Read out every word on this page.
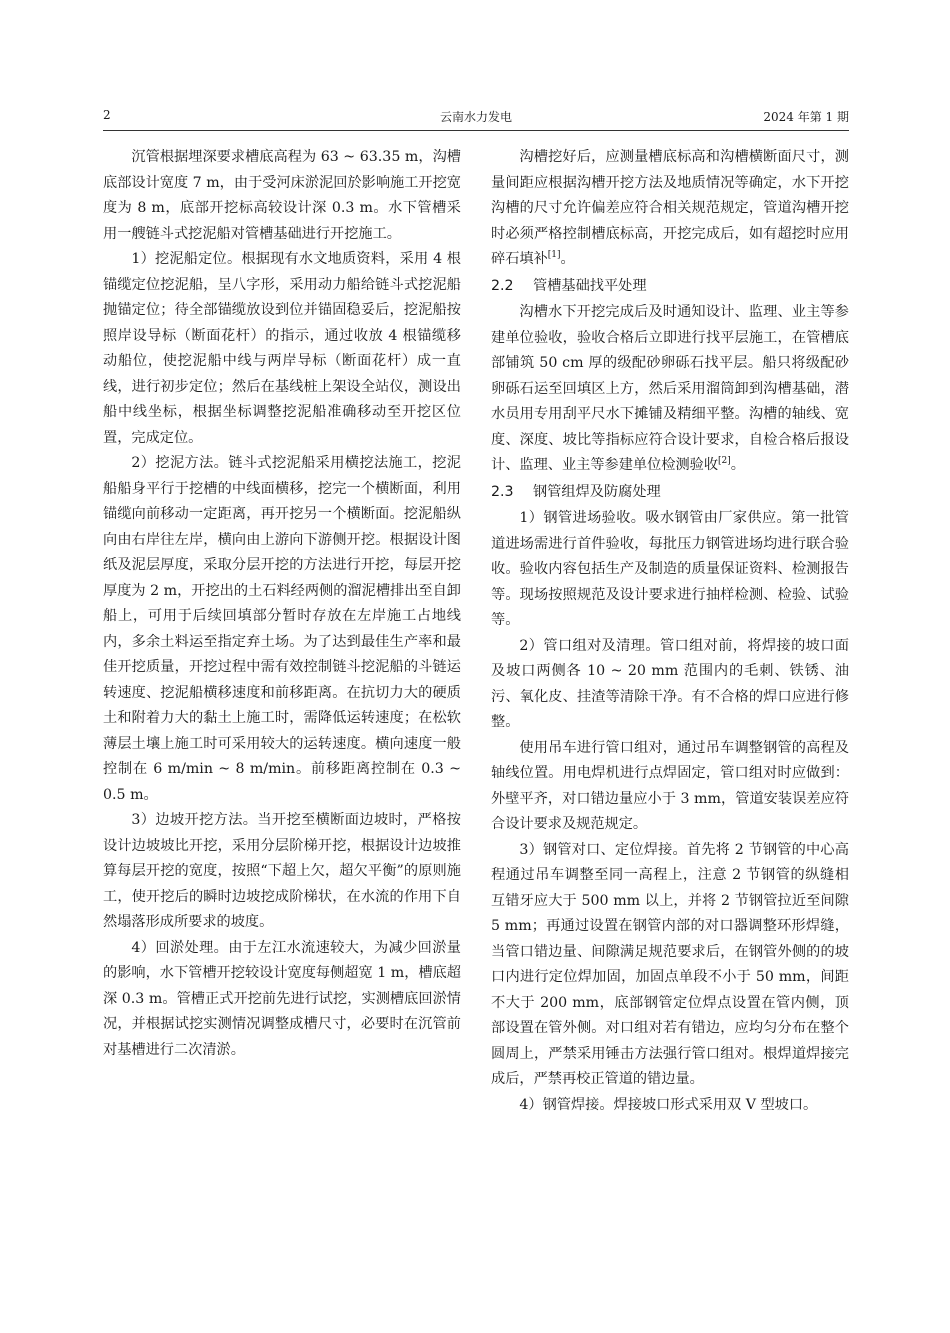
2	云南水力发电	2024 年第 1 期

沉管根据埋深要求槽底高程为 63 ~ 63.35 m，沟槽底部设计宽度 7 m，由于受河床淤泥回於影响施工开挖宽度为 8 m，底部开挖标高较设计深 0.3 m。水下管槽采用一艘链斗式挖泥船对管槽基础进行开挖施工。

1）挖泥船定位。根据现有水文地质资料，采用 4 根锚缆定位挖泥船，呈八字形，采用动力船给链斗式挖泥船抛锚定位；待全部锚缆放设到位并锚固稳妥后，挖泥船按照岸设导标（断面花杆）的指示，通过收放 4 根锚缆移动船位，使挖泥船中线与两岸导标（断面花杆）成一直线，进行初步定位；然后在基线桩上架设全站仪，测设出船中线坐标，根据坐标调整挖泥船准确移动至开挖区位置，完成定位。

2）挖泥方法。链斗式挖泥船采用横挖法施工，挖泥船船身平行于挖槽的中线面横移，挖完一个横断面，利用锚缆向前移动一定距离，再开挖另一个横断面。挖泥船纵向由右岸往左岸，横向由上游向下游侧开挖。根据设计图纸及泥层厚度，采取分层开挖的方法进行开挖，每层开挖厚度为 2 m，开挖出的土石料经两侧的溜泥槽排出至自卸船上，可用于后续回填部分暂时存放在左岸施工占地线内，多余土料运至指定弃土场。为了达到最佳生产率和最佳开挖质量，开挖过程中需有效控制链斗挖泥船的斗链运转速度、挖泥船横移速度和前移距离。在抗切力大的硬质土和附着力大的黏土上施工时，需降低运转速度；在松软薄层土壤上施工时可采用较大的运转速度。横向速度一般控制在 6 m/min ~ 8 m/min。前移距离控制在 0.3 ~ 0.5 m。

3）边坡开挖方法。当开挖至横断面边坡时，严格按设计边坡坡比开挖，采用分层阶梯开挖，根据设计边坡推算每层开挖的宽度，按照“下超上欠，超欠平衡”的原则施工，使开挖后的瞬时边坡挖成阶梯状，在水流的作用下自然塌落形成所要求的坡度。

4）回淤处理。由于左江水流速较大，为减少回淤量的影响，水下管槽开挖较设计宽度每侧超宽 1 m，槽底超深 0.3 m。管槽正式开挖前先进行试挖，实测槽底回淤情况，并根据试挖实测情况调整成槽尺寸，必要时在沉管前对基槽进行二次清淤。

沟槽挖好后，应测量槽底标高和沟槽横断面尺寸，测量间距应根据沟槽开挖方法及地质情况等确定，水下开挖沟槽的尺寸允许偏差应符合相关规范规定，管道沟槽开挖时必须严格控制槽底标高，开挖完成后，如有超挖时应用碎石填补[1]。

2.2 管槽基础找平处理

沟槽水下开挖完成后及时通知设计、监理、业主等参建单位验收，验收合格后立即进行找平层施工，在管槽底部铺筑 50 cm 厚的级配砂卵砾石找平层。船只将级配砂卵砾石运至回填区上方，然后采用溜筒卸到沟槽基础，潜水员用专用刮平尺水下摊铺及精细平整。沟槽的轴线、宽度、深度、坡比等指标应符合设计要求，自检合格后报设计、监理、业主等参建单位检测验收[2]。

2.3 钢管组焊及防腐处理

1）钢管进场验收。吸水钢管由厂家供应。第一批管道进场需进行首件验收，每批压力钢管进场均进行联合验收。验收内容包括生产及制造的质量保证资料、检测报告等。现场按照规范及设计要求进行抽样检测、检验、试验等。

2）管口组对及清理。管口组对前，将焊接的坡口面及坡口两侧各 10 ~ 20 mm 范围内的毛刺、铁锈、油污、氧化皮、挂渣等清除干净。有不合格的焊口应进行修整。

使用吊车进行管口组对，通过吊车调整钢管的高程及轴线位置。用电焊机进行点焊固定，管口组对时应做到：外壁平齐，对口错边量应小于 3 mm，管道安装误差应符合设计要求及规范规定。

3）钢管对口、定位焊接。首先将 2 节钢管的中心高程通过吊车调整至同一高程上，注意 2 节钢管的纵缝相互错牙应大于 500 mm 以上，并将 2 节钢管拉近至间隙 5 mm；再通过设置在钢管内部的对口器调整环形焊缝，当管口错边量、间隙满足规范要求后，在钢管外侧的的坡口内进行定位焊加固，加固点单段不小于 50 mm，间距不大于 200 mm，底部钢管定位焊点设置在管内侧，顶部设置在管外侧。对口组对若有错边，应均匀分布在整个圆周上，严禁采用锤击方法强行管口组对。根焊道焊接完成后，严禁再校正管道的错边量。

4）钢管焊接。焊接坡口形式采用双 V 型坡口。
